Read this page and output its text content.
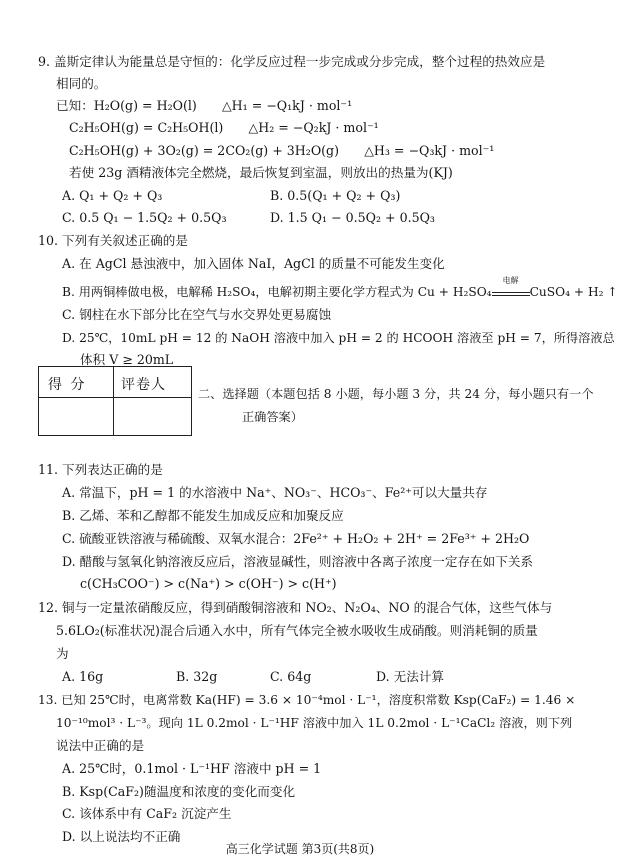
9. 盖斯定律认为能量总是守恒的：化学反应过程一步完成或分步完成，整个过程的热效应是
相同的。
已知：H₂O(g) = H₂O(l)　　△H₁ = −Q₁kJ · mol⁻¹
C₂H₅OH(g) = C₂H₅OH(l)　　△H₂ = −Q₂kJ · mol⁻¹
C₂H₅OH(g) + 3O₂(g) = 2CO₂(g) + 3H₂O(g)　　△H₃ = −Q₃kJ · mol⁻¹
若使 23g 酒精液体完全燃烧，最后恢复到室温，则放出的热量为(KJ)
A. Q₁ + Q₂ + Q₃	B. 0.5(Q₁ + Q₂ + Q₃)
C. 0.5 Q₁ − 1.5Q₂ + 0.5Q₃	D. 1.5 Q₁ − 0.5Q₂ + 0.5Q₃
10. 下列有关叙述正确的是
A. 在 AgCl 悬浊液中，加入固体 NaI，AgCl 的质量不可能发生变化
B. 用两铜棒做电极，电解稀 H₂SO₄，电解初期主要化学方程式为 Cu + H₂SO₄
电解
CuSO₄ + H₂ ↑
C. 钢柱在水下部分比在空气与水交界处更易腐蚀
D. 25℃，10mL pH = 12 的 NaOH 溶液中加入 pH = 2 的 HCOOH 溶液至 pH = 7，所得溶液总
体积 V ≥ 20mL
得 分 评卷人
二、选择题（本题包括 8 小题，每小题 3 分，共 24 分，每小题只有一个
正确答案）
11. 下列表达正确的是
A. 常温下，pH = 1 的水溶液中 Na⁺、NO₃⁻、HCO₃⁻、Fe²⁺可以大量共存
B. 乙烯、苯和乙醇都不能发生加成反应和加聚反应
C. 硫酸亚铁溶液与稀硫酸、双氧水混合：2Fe²⁺ + H₂O₂ + 2H⁺ = 2Fe³⁺ + 2H₂O
D. 醋酸与氢氧化钠溶液反应后，溶液显碱性，则溶液中各离子浓度一定存在如下关系
c(CH₃COO⁻) > c(Na⁺) > c(OH⁻) > c(H⁺)
12. 铜与一定量浓硝酸反应，得到硝酸铜溶液和 NO₂、N₂O₄、NO 的混合气体，这些气体与
5.6LO₂(标准状况)混合后通入水中，所有气体完全被水吸收生成硝酸。则消耗铜的质量
为
A. 16g	B. 32g	C. 64g	D. 无法计算
13. 已知 25℃时，电离常数 Ka(HF) = 3.6 × 10⁻⁴mol · L⁻¹，溶度积常数 Ksp(CaF₂) = 1.46 ×
10⁻¹⁰mol³ · L⁻³。现向 1L 0.2mol · L⁻¹HF 溶液中加入 1L 0.2mol · L⁻¹CaCl₂ 溶液，则下列
说法中正确的是
A. 25℃时，0.1mol · L⁻¹HF 溶液中 pH = 1
B. Ksp(CaF₂)随温度和浓度的变化而变化
C. 该体系中有 CaF₂ 沉淀产生
D. 以上说法均不正确
高三化学试题 第3页(共8页)
